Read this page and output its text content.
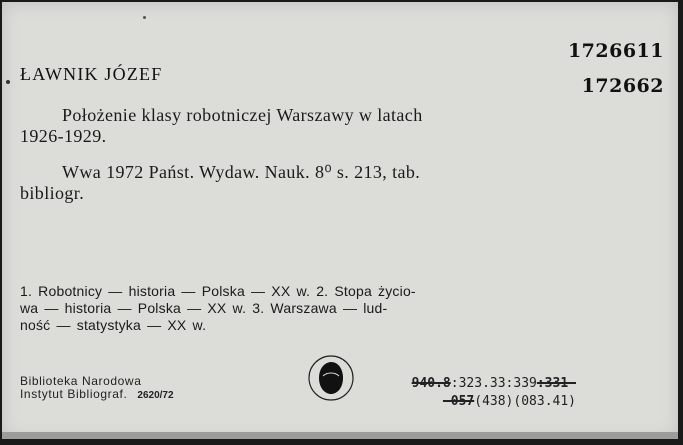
1726611
172662
ŁAWNIK JÓZEF
Położenie klasy robotniczej Warszawy w latach
1926-1929.
Wwa 1972 Państ. Wydaw. Nauk. 8⁰ s. 213, tab.
bibliogr.
1. Robotnicy — historia — Polska — XX w. 2. Stopa życio-
wa — historia — Polska — XX w. 3. Warszawa — lud-
ność — statystyka — XX w.
Biblioteka Narodowa
Instytut Bibliograf. 2620/72
940.8:323.33:339:331-
-057(438)(083.41)
